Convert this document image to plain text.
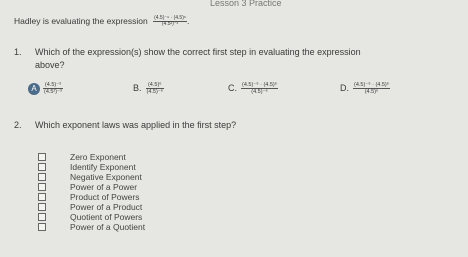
Lesson 3 Practice
Hadley is evaluating the expression $\frac{\text{(4.5)⁻⁹ · (4.5)⁶}}{\text{(4.5²)⁻³}}$ .
1. Which of the expression(s) show the correct first step in evaluating the expression
above?
A $\frac{\text{(4.5)⁻³}}{\text{(4.5²)⁻³}}$	B. $\frac{\text{(4.5)⁶}}{\text{(4.5)⁻⁶}}$	C. $\frac{\text{(4.5)⁻⁹ · (4.5)⁶}}{\text{(4.5)⁻⁶}}$	D. $\frac{\text{(4.5)⁻⁹ · (4.5)⁶}}{\text{(4.5)⁶}}$
2. Which exponent laws was applied in the first step?
Zero Exponent
Identify Exponent
Negative Exponent
Power of a Power
Product of Powers
Power of a Product
Quotient of Powers
Power of a Quotient
